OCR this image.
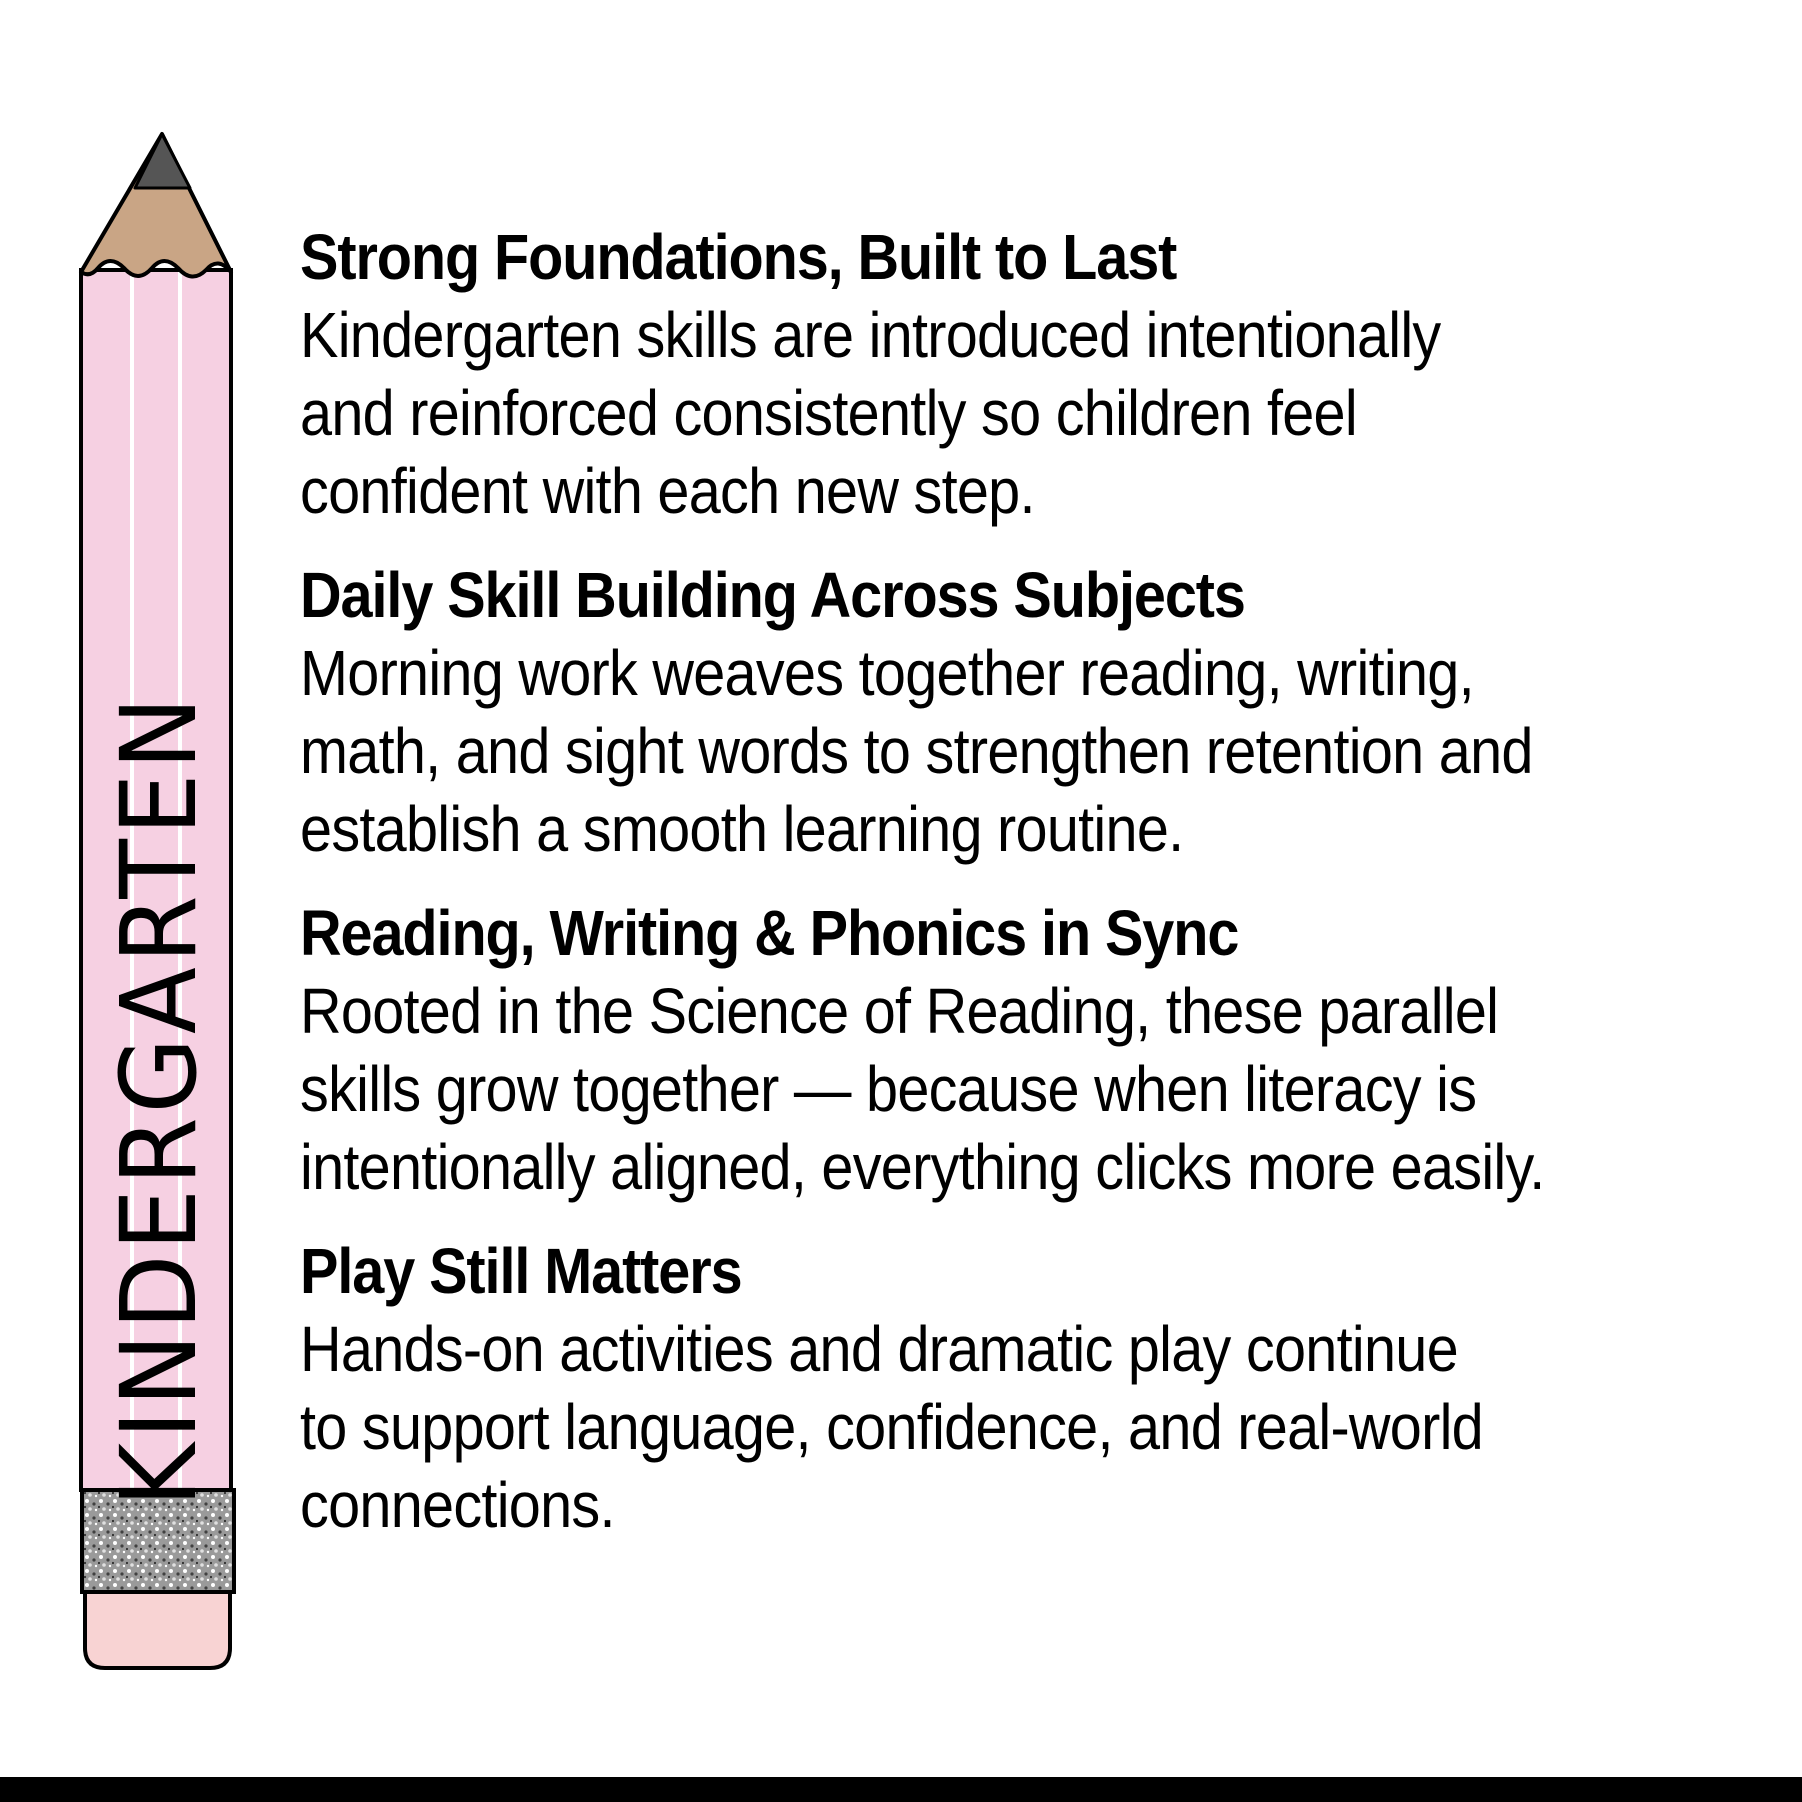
KINDERGARTEN
Strong Foundations, Built to Last
Kindergarten skills are introduced intentionally
and reinforced consistently so children feel
confident with each new step.
Daily Skill Building Across Subjects
Morning work weaves together reading, writing,
math, and sight words to strengthen retention and
establish a smooth learning routine.
Reading, Writing & Phonics in Sync
Rooted in the Science of Reading, these parallel
skills grow together — because when literacy is
intentionally aligned, everything clicks more easily.
Play Still Matters
Hands-on activities and dramatic play continue
to support language, confidence, and real-world
connections.
